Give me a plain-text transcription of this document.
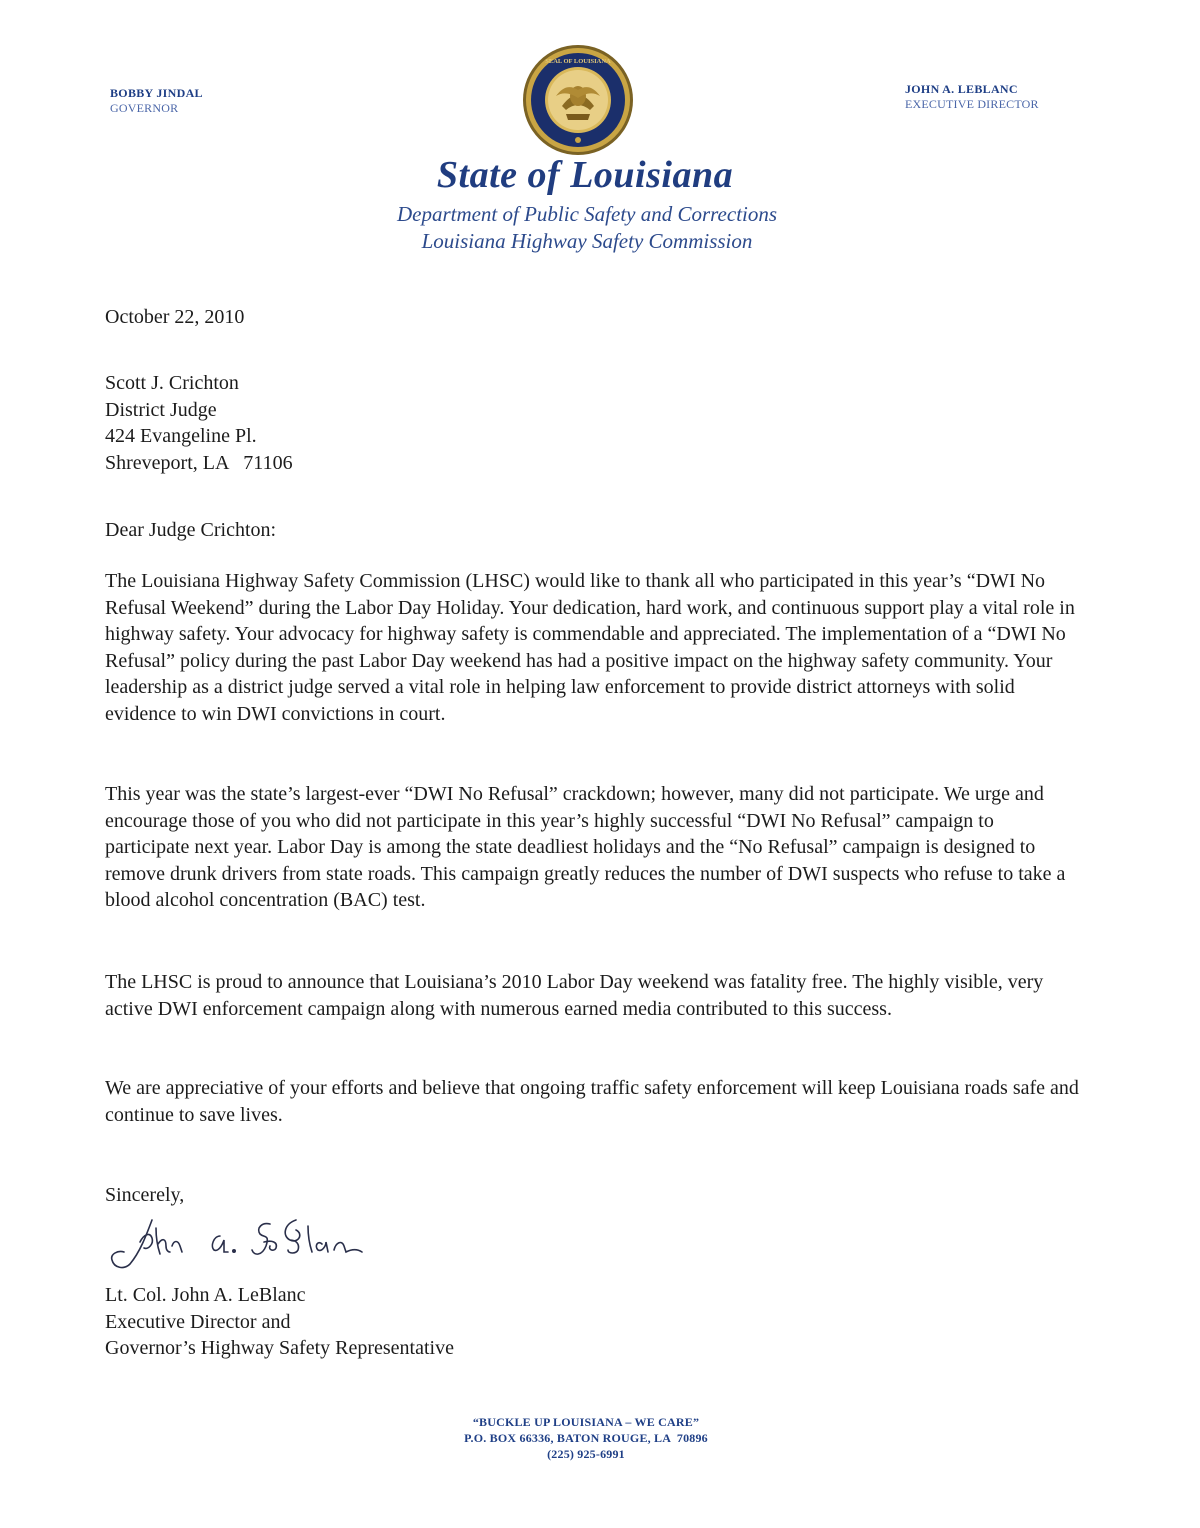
BOBBY JINDAL
GOVERNOR
SEAL OF LOUISIANA
JOHN A. LEBLANC
EXECUTIVE DIRECTOR
State of Louisiana
Department of Public Safety and Corrections
Louisiana Highway Safety Commission
October 22, 2010
Scott J. Crichton
District Judge
424 Evangeline Pl.
Shreveport, LA   71106
Dear Judge Crichton:
The Louisiana Highway Safety Commission (LHSC) would like to thank all who participated in this year’s “DWI No Refusal Weekend” during the Labor Day Holiday. Your dedication, hard work, and continuous support play a vital role in highway safety. Your advocacy for highway safety is commendable and appreciated. The implementation of a “DWI No Refusal” policy during the past Labor Day weekend has had a positive impact on the highway safety community. Your leadership as a district judge served a vital role in helping law enforcement to provide district attorneys with solid evidence to win DWI convictions in court.
This year was the state’s largest-ever “DWI No Refusal” crackdown; however, many did not participate. We urge and encourage those of you who did not participate in this year’s highly successful “DWI No Refusal” campaign to participate next year. Labor Day is among the state deadliest holidays and the “No Refusal” campaign is designed to remove drunk drivers from state roads. This campaign greatly reduces the number of DWI suspects who refuse to take a blood alcohol concentration (BAC) test.
The LHSC is proud to announce that Louisiana’s 2010 Labor Day weekend was fatality free. The highly visible, very active DWI enforcement campaign along with numerous earned media contributed to this success.
We are appreciative of your efforts and believe that ongoing traffic safety enforcement will keep Louisiana roads safe and continue to save lives.
Sincerely,
Lt. Col. John A. LeBlanc
Executive Director and
Governor’s Highway Safety Representative
“BUCKLE UP LOUISIANA – WE CARE”
P.O. BOX 66336, BATON ROUGE, LA  70896
(225) 925-6991
